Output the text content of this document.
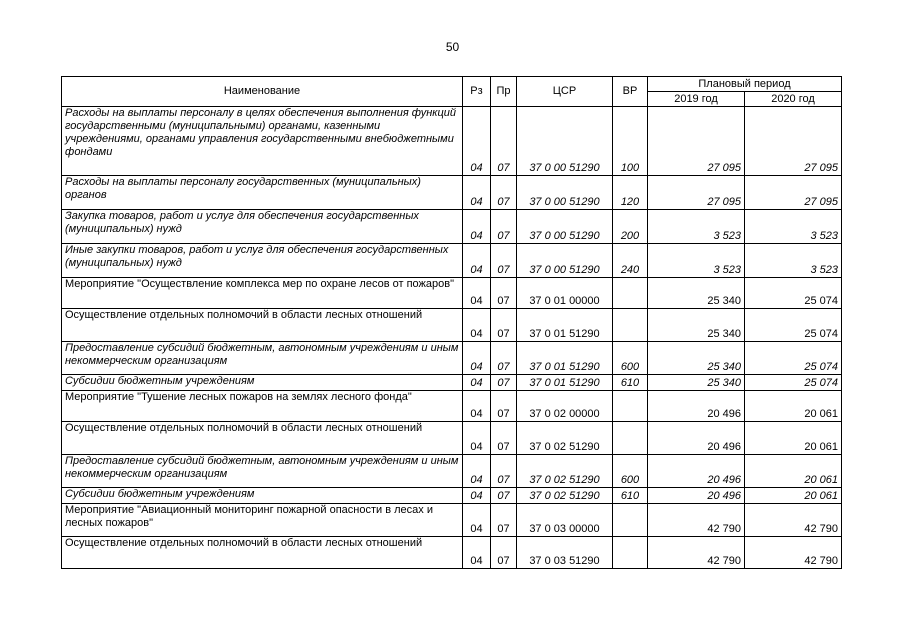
50
Наименование	Рз	Пр	ЦСР	ВР	Плановый период	
					2019 год	2020 год
Расходы на выплаты персоналу в целях обеспечения выполнения функций государственными (муниципальными) органами, казенными учреждениями, органами управления государственными внебюджетными фондами	04	07	37 0 00 51290	100	27 095	27 095
Расходы на выплаты персоналу государственных (муниципальных) органов	04	07	37 0 00 51290	120	27 095	27 095
Закупка товаров, работ и услуг для обеспечения государственных (муниципальных) нужд	04	07	37 0 00 51290	200	3 523	3 523
Иные закупки товаров, работ и услуг для обеспечения государственных (муниципальных) нужд	04	07	37 0 00 51290	240	3 523	3 523
Мероприятие "Осуществление комплекса мер по охране лесов от пожаров"	04	07	37 0 01 00000		25 340	25 074
Осуществление отдельных полномочий в области лесных отношений	04	07	37 0 01 51290		25 340	25 074
Предоставление субсидий бюджетным, автономным учреждениям и иным некоммерческим организациям	04	07	37 0 01 51290	600	25 340	25 074
Субсидии бюджетным учреждениям	04	07	37 0 01 51290	610	25 340	25 074
Мероприятие "Тушение лесных пожаров на землях лесного фонда"	04	07	37 0 02 00000		20 496	20 061
Осуществление отдельных полномочий в области лесных отношений	04	07	37 0 02 51290		20 496	20 061
Предоставление субсидий бюджетным, автономным учреждениям и иным некоммерческим организациям	04	07	37 0 02 51290	600	20 496	20 061
Субсидии бюджетным учреждениям	04	07	37 0 02 51290	610	20 496	20 061
Мероприятие "Авиационный мониторинг пожарной опасности в лесах и лесных пожаров"	04	07	37 0 03 00000		42 790	42 790
Осуществление отдельных полномочий в области лесных отношений	04	07	37 0 03 51290		42 790	42 790
